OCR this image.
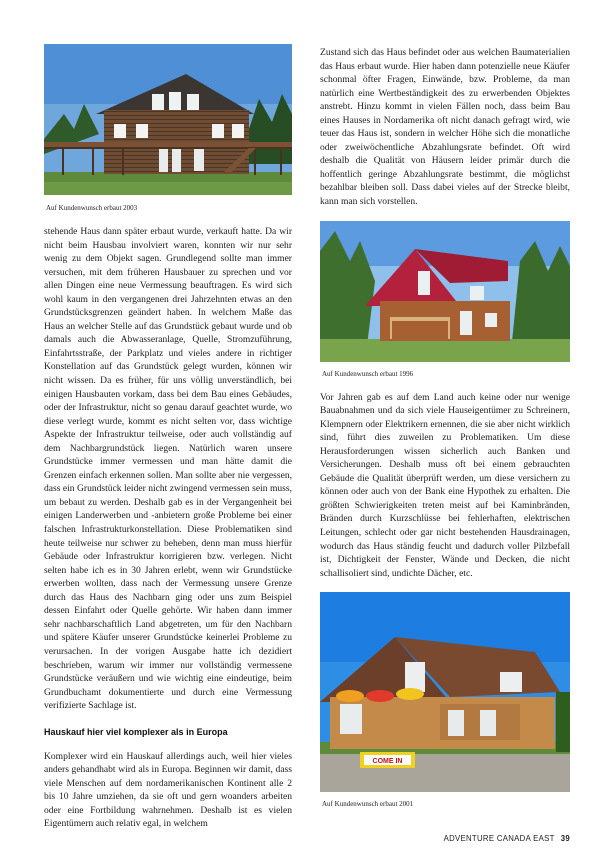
Auf Kundenwunsch erbaut 2003

stehende Haus dann später erbaut wurde, verkauft hatte. Da wir nicht beim Hausbau involviert waren, konnten wir nur sehr wenig zu dem Objekt sagen. Grundlegend sollte man immer versuchen, mit dem früheren Hausbauer zu sprechen und vor allen Dingen eine neue Vermessung beauftragen. Es wird sich wohl kaum in den vergangenen drei Jahrzehnten etwas an den Grundstücksgrenzen geändert haben. In welchem Maße das Haus an welcher Stelle auf das Grundstück gebaut wurde und ob damals auch die Abwasseranlage, Quelle, Stromzuführung, Einfahrtsstraße, der Parkplatz und vieles andere in richtiger Konstellation auf das Grundstück gelegt wurden, können wir nicht wissen. Da es früher, für uns völlig unverständlich, bei einigen Hausbauten vorkam, dass bei dem Bau eines Gebäudes, oder der Infrastruktur, nicht so genau darauf geachtet wurde, wo diese verlegt wurde, kommt es nicht selten vor, dass wichtige Aspekte der Infrastruktur teilweise, oder auch vollständig auf dem Nachbargrundstück liegen. Natürlich waren unsere Grundstücke immer vermessen und man hätte damit die Grenzen einfach erkennen sollen. Man sollte aber nie vergessen, dass ein Grundstück leider nicht zwingend vermessen sein muss, um bebaut zu werden. Deshalb gab es in der Vergangenheit bei einigen Landerwerben und -anbietern große Probleme bei einer falschen Infrastrukturkonstellation. Diese Problematiken sind heute teilweise nur schwer zu beheben, denn man muss hierfür Gebäude oder Infrastruktur korrigieren bzw. verlegen. Nicht selten habe ich es in 30 Jahren erlebt, wenn wir Grundstücke erwerben wollten, dass nach der Vermessung unsere Grenze durch das Haus des Nachbarn ging oder uns zum Beispiel dessen Einfahrt oder Quelle gehörte. Wir haben dann immer sehr nachbarschaftlich Land abgetreten, um für den Nachbarn und spätere Käufer unserer Grundstücke keinerlei Probleme zu verursachen. In der vorigen Ausgabe hatte ich dezidiert beschrieben, warum wir immer nur vollständig vermessene Grundstücke veräußern und wie wichtig eine eindeutige, beim Grundbuchamt dokumentierte und durch eine Vermessung verifizierte Sachlage ist.

Hauskauf hier viel komplexer als in Europa

Komplexer wird ein Hauskauf allerdings auch, weil hier vieles anders gehandhabt wird als in Europa. Beginnen wir damit, dass viele Menschen auf dem nordamerikanischen Kontinent alle 2 bis 10 Jahre umziehen, da sie oft und gern woanders arbeiten oder eine Fortbildung wahrnehmen. Deshalb ist es vielen Eigentümern auch relativ egal, in welchem

Zustand sich das Haus befindet oder aus welchen Baumaterialien das Haus erbaut wurde. Hier haben dann potenzielle neue Käufer schonmal öfter Fragen, Einwände, bzw. Probleme, da man natürlich eine Wertbeständigkeit des zu erwerbenden Objektes anstrebt. Hinzu kommt in vielen Fällen noch, dass beim Bau eines Hauses in Nordamerika oft nicht danach gefragt wird, wie teuer das Haus ist, sondern in welcher Höhe sich die monatliche oder zweiwöchentliche Abzahlungsrate befindet. Oft wird deshalb die Qualität von Häusern leider primär durch die hoffentlich geringe Abzahlungsrate bestimmt, die möglichst bezahlbar bleiben soll. Dass dabei vieles auf der Strecke bleibt, kann man sich vorstellen.

Auf Kundenwunsch erbaut 1996

Vor Jahren gab es auf dem Land auch keine oder nur wenige Bauabnahmen und da sich viele Hauseigentümer zu Schreinern, Klempnern oder Elektrikern ernennen, die sie aber nicht wirklich sind, führt dies zuweilen zu Problematiken. Um diese Herausforderungen wissen sicherlich auch Banken und Versicherungen. Deshalb muss oft bei einem gebrauchten Gebäude die Qualität überprüft werden, um diese versichern zu können oder auch von der Bank eine Hypothek zu erhalten. Die größten Schwierigkeiten treten meist auf bei Kaminbränden, Bränden durch Kurzschlüsse bei fehlerhaften, elektrischen Leitungen, schlecht oder gar nicht bestehenden Hausdrainagen, wodurch das Haus ständig feucht und dadurch voller Pilzbefall ist, Dichtigkeit der Fenster, Wände und Decken, die nicht schallisoliert sind, undichte Dächer, etc.

COME IN
Auf Kundenwunsch erbaut 2001
ADVENTURE CANADA EAST 39
